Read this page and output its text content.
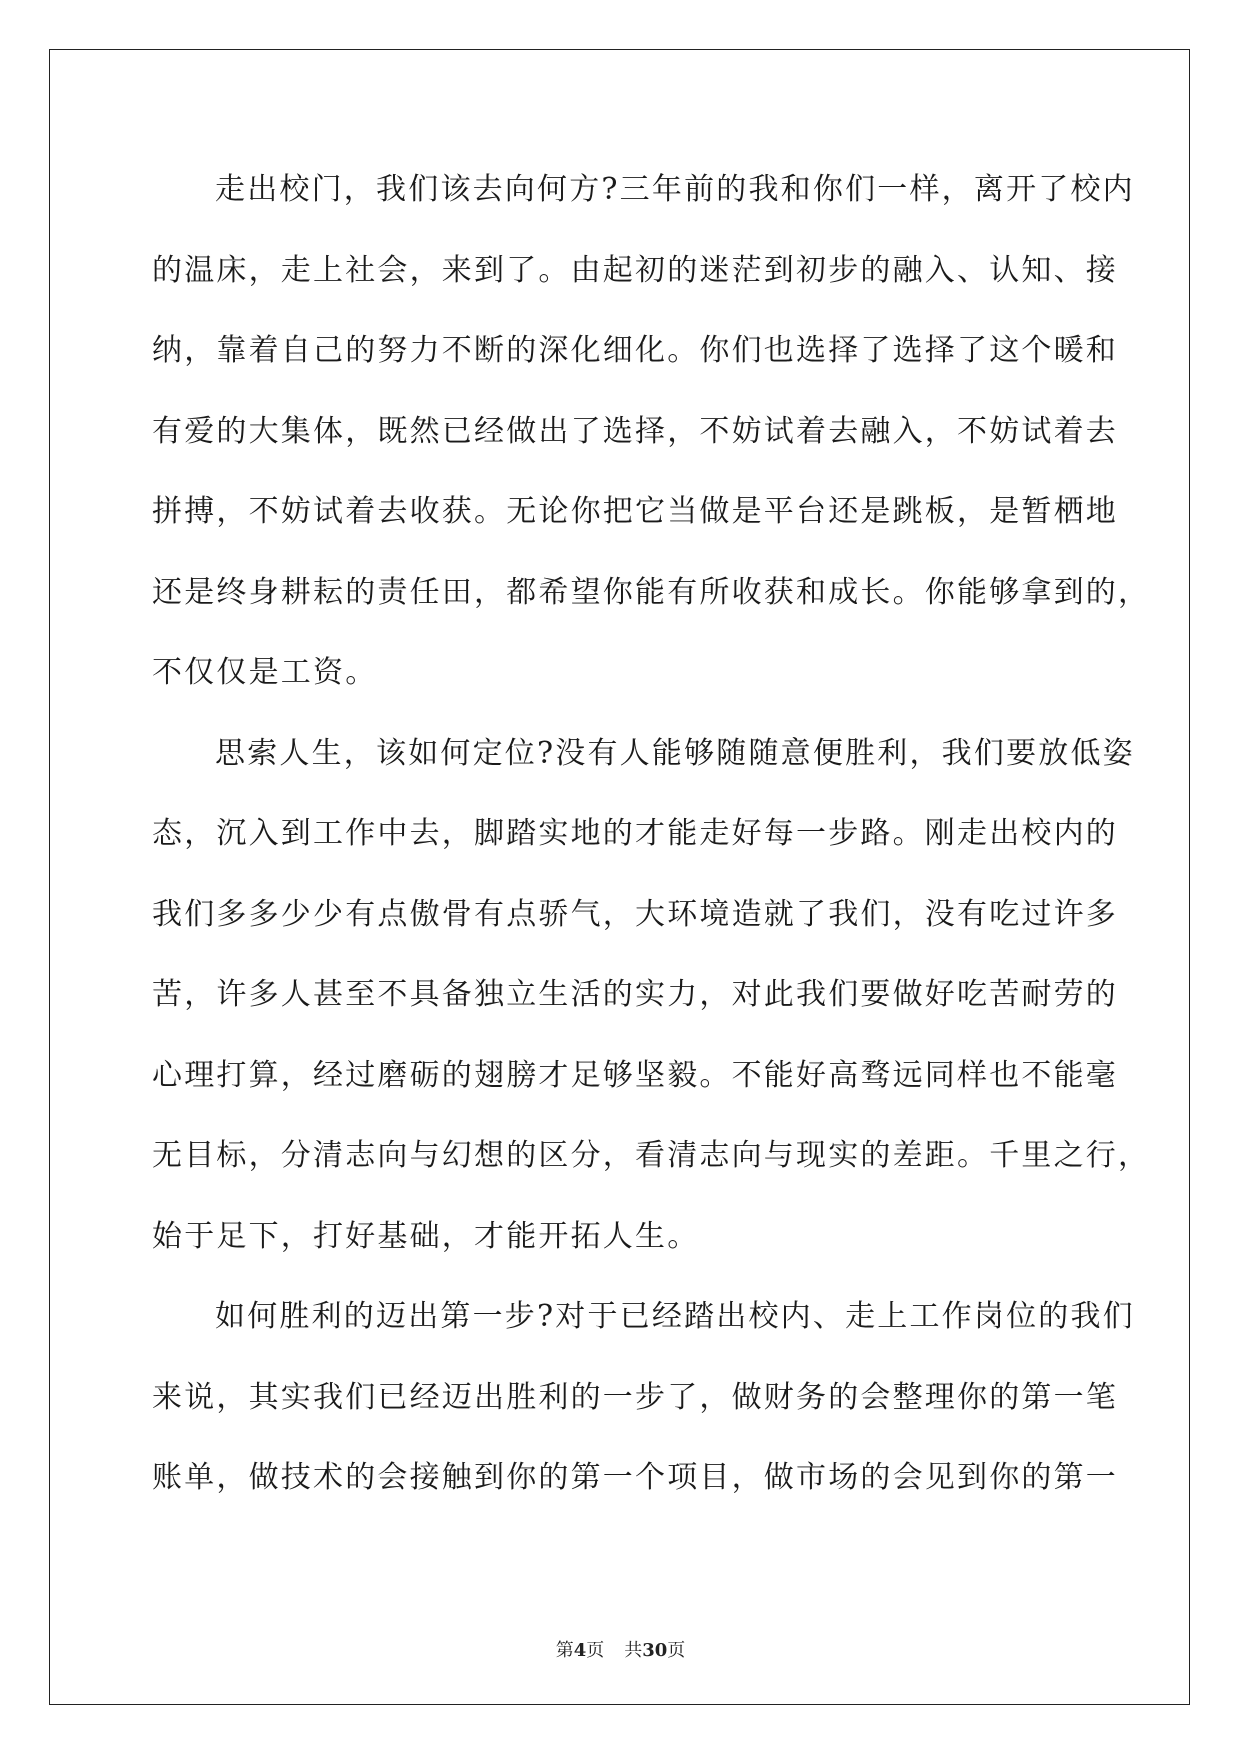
走出校门，我们该去向何方?三年前的我和你们一样，离开了校内
的温床，走上社会，来到了。由起初的迷茫到初步的融入、认知、接
纳，靠着自己的努力不断的深化细化。你们也选择了选择了这个暖和
有爱的大集体，既然已经做出了选择，不妨试着去融入，不妨试着去
拼搏，不妨试着去收获。无论你把它当做是平台还是跳板，是暂栖地
还是终身耕耘的责任田，都希望你能有所收获和成长。你能够拿到的，
不仅仅是工资。
思索人生，该如何定位?没有人能够随随意便胜利，我们要放低姿
态，沉入到工作中去，脚踏实地的才能走好每一步路。刚走出校内的
我们多多少少有点傲骨有点骄气，大环境造就了我们，没有吃过许多
苦，许多人甚至不具备独立生活的实力，对此我们要做好吃苦耐劳的
心理打算，经过磨砺的翅膀才足够坚毅。不能好高骛远同样也不能毫
无目标，分清志向与幻想的区分，看清志向与现实的差距。千里之行，
始于足下，打好基础，才能开拓人生。
如何胜利的迈出第一步?对于已经踏出校内、走上工作岗位的我们
来说，其实我们已经迈出胜利的一步了，做财务的会整理你的第一笔
账单，做技术的会接触到你的第一个项目，做市场的会见到你的第一
第4页 共30页
